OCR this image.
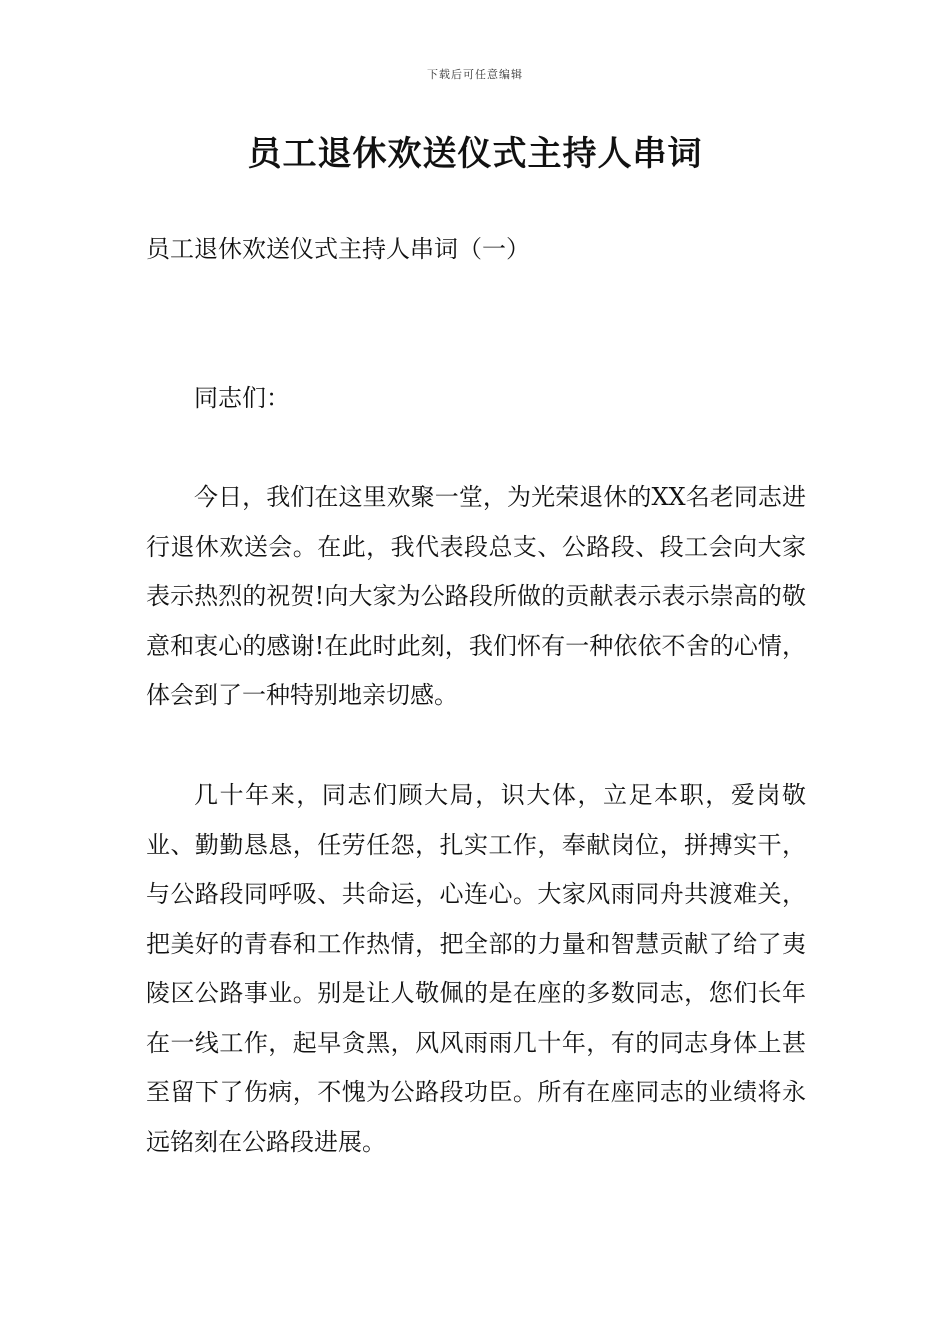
下载后可任意编辑
员工退休欢送仪式主持人串词

员工退休欢送仪式主持人串词（一）

同志们：

今日，我们在这里欢聚一堂，为光荣退休的XX名老同志进行退休欢送会。在此，我代表段总支、公路段、段工会向大家表示热烈的祝贺!向大家为公路段所做的贡献表示表示崇高的敬意和衷心的感谢!在此时此刻，我们怀有一种依依不舍的心情，体会到了一种特别地亲切感。

几十年来，同志们顾大局，识大体，立足本职，爱岗敬业、勤勤恳恳，任劳任怨，扎实工作，奉献岗位，拼搏实干，与公路段同呼吸、共命运，心连心。大家风雨同舟共渡难关，把美好的青春和工作热情，把全部的力量和智慧贡献了给了夷陵区公路事业。别是让人敬佩的是在座的多数同志，您们长年在一线工作，起早贪黑，风风雨雨几十年，有的同志身体上甚至留下了伤病，不愧为公路段功臣。所有在座同志的业绩将永远铭刻在公路段进展。
